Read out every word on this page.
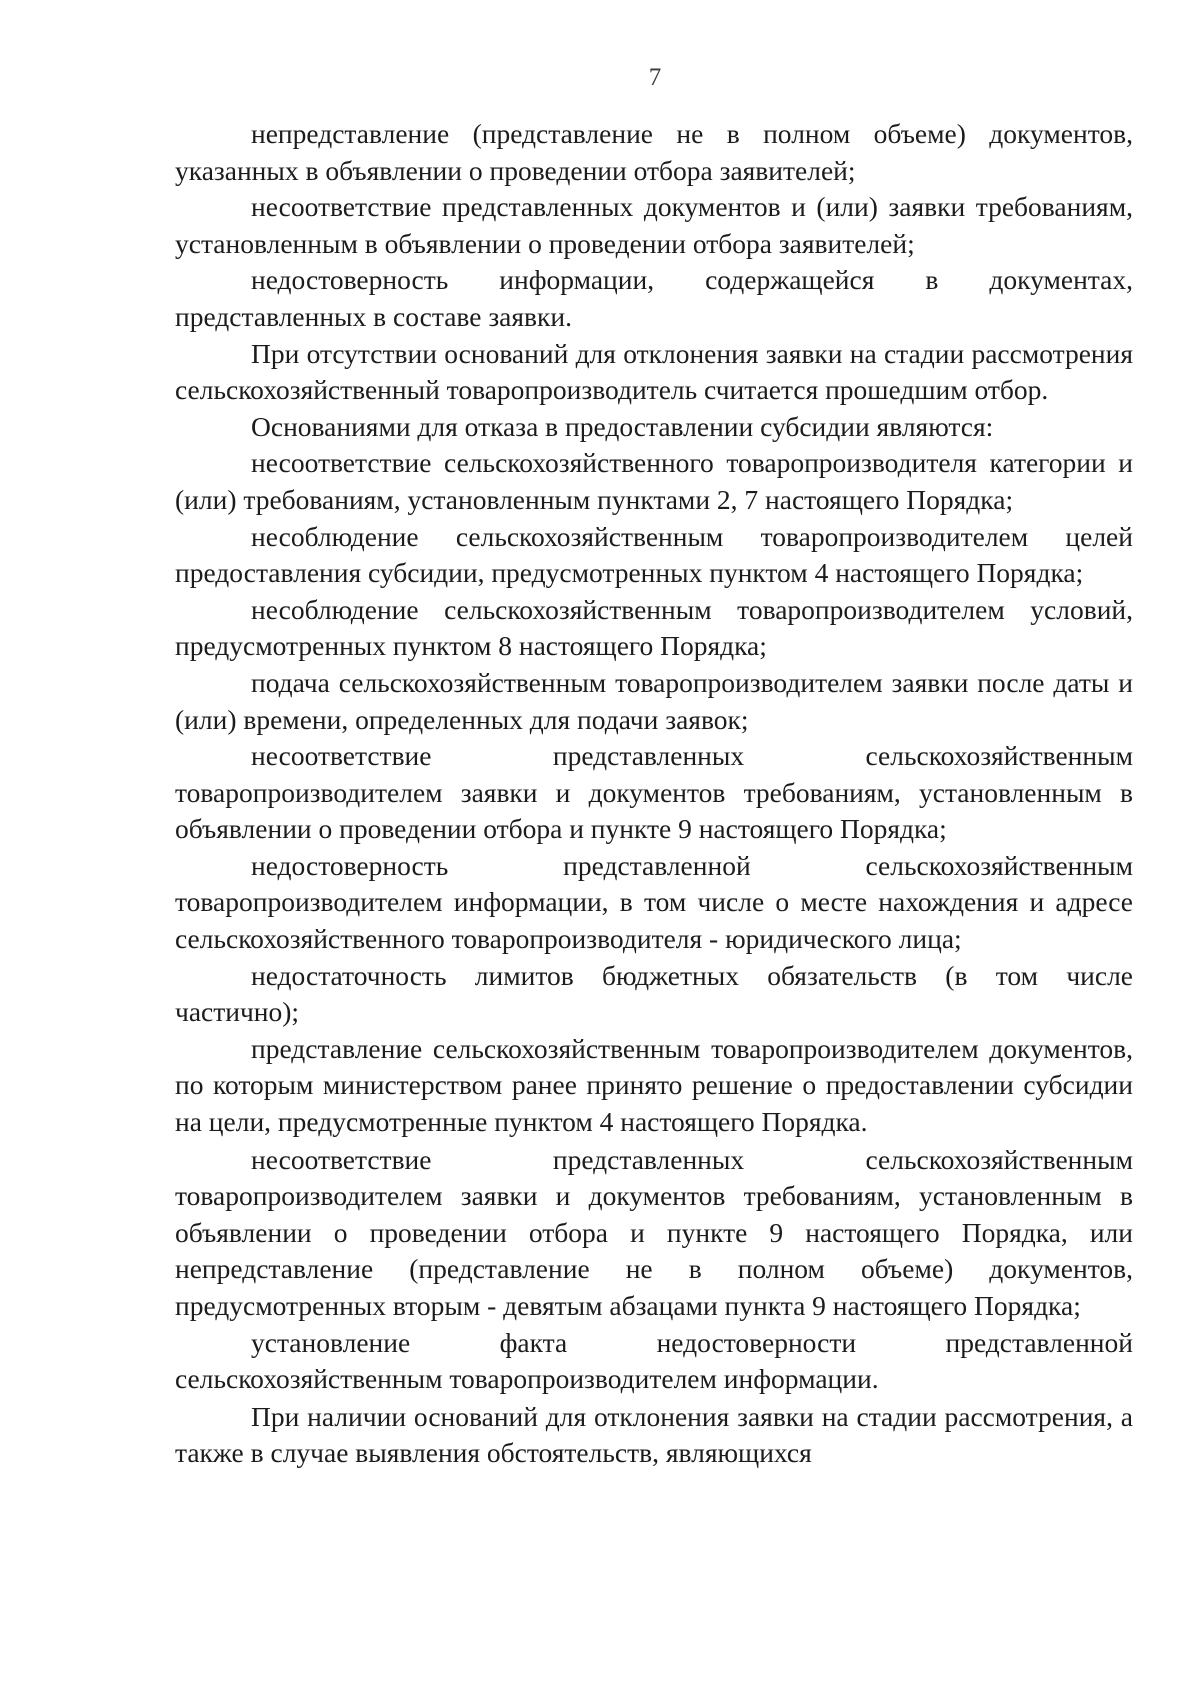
7

непредставление (представление не в полном объеме) документов, указанных в объявлении о проведении отбора заявителей;

несоответствие представленных документов и (или) заявки требованиям, установленным в объявлении о проведении отбора заявителей;

недостоверность информации, содержащейся в документах, представленных в составе заявки.

При отсутствии оснований для отклонения заявки на стадии рассмотрения сельскохозяйственный товаропроизводитель считается прошедшим отбор.

Основаниями для отказа в предоставлении субсидии являются:

несоответствие сельскохозяйственного товаропроизводителя категории и (или) требованиям, установленным пунктами 2, 7 настоящего Порядка;

несоблюдение сельскохозяйственным товаропроизводителем целей предоставления субсидии, предусмотренных пунктом 4 настоящего Порядка;

несоблюдение сельскохозяйственным товаропроизводителем условий, предусмотренных пунктом 8 настоящего Порядка;

подача сельскохозяйственным товаропроизводителем заявки после даты и (или) времени, определенных для подачи заявок;

несоответствие представленных сельскохозяйственным товаропроизводителем заявки и документов требованиям, установленным в объявлении о проведении отбора и пункте 9 настоящего Порядка;

недостоверность представленной сельскохозяйственным товаропроизводителем информации, в том числе о месте нахождения и адресе сельскохозяйственного товаропроизводителя - юридического лица;

недостаточность лимитов бюджетных обязательств (в том числе частично);

представление сельскохозяйственным товаропроизводителем документов, по которым министерством ранее принято решение о предоставлении субсидии на цели, предусмотренные пунктом 4 настоящего Порядка.

несоответствие представленных сельскохозяйственным товаропроизводителем заявки и документов требованиям, установленным в объявлении о проведении отбора и пункте 9 настоящего Порядка, или непредставление (представление не в полном объеме) документов, предусмотренных вторым - девятым абзацами пункта 9 настоящего Порядка;

установление факта недостоверности представленной сельскохозяйственным товаропроизводителем информации.

При наличии оснований для отклонения заявки на стадии рассмотрения, а также в случае выявления обстоятельств, являющихся
